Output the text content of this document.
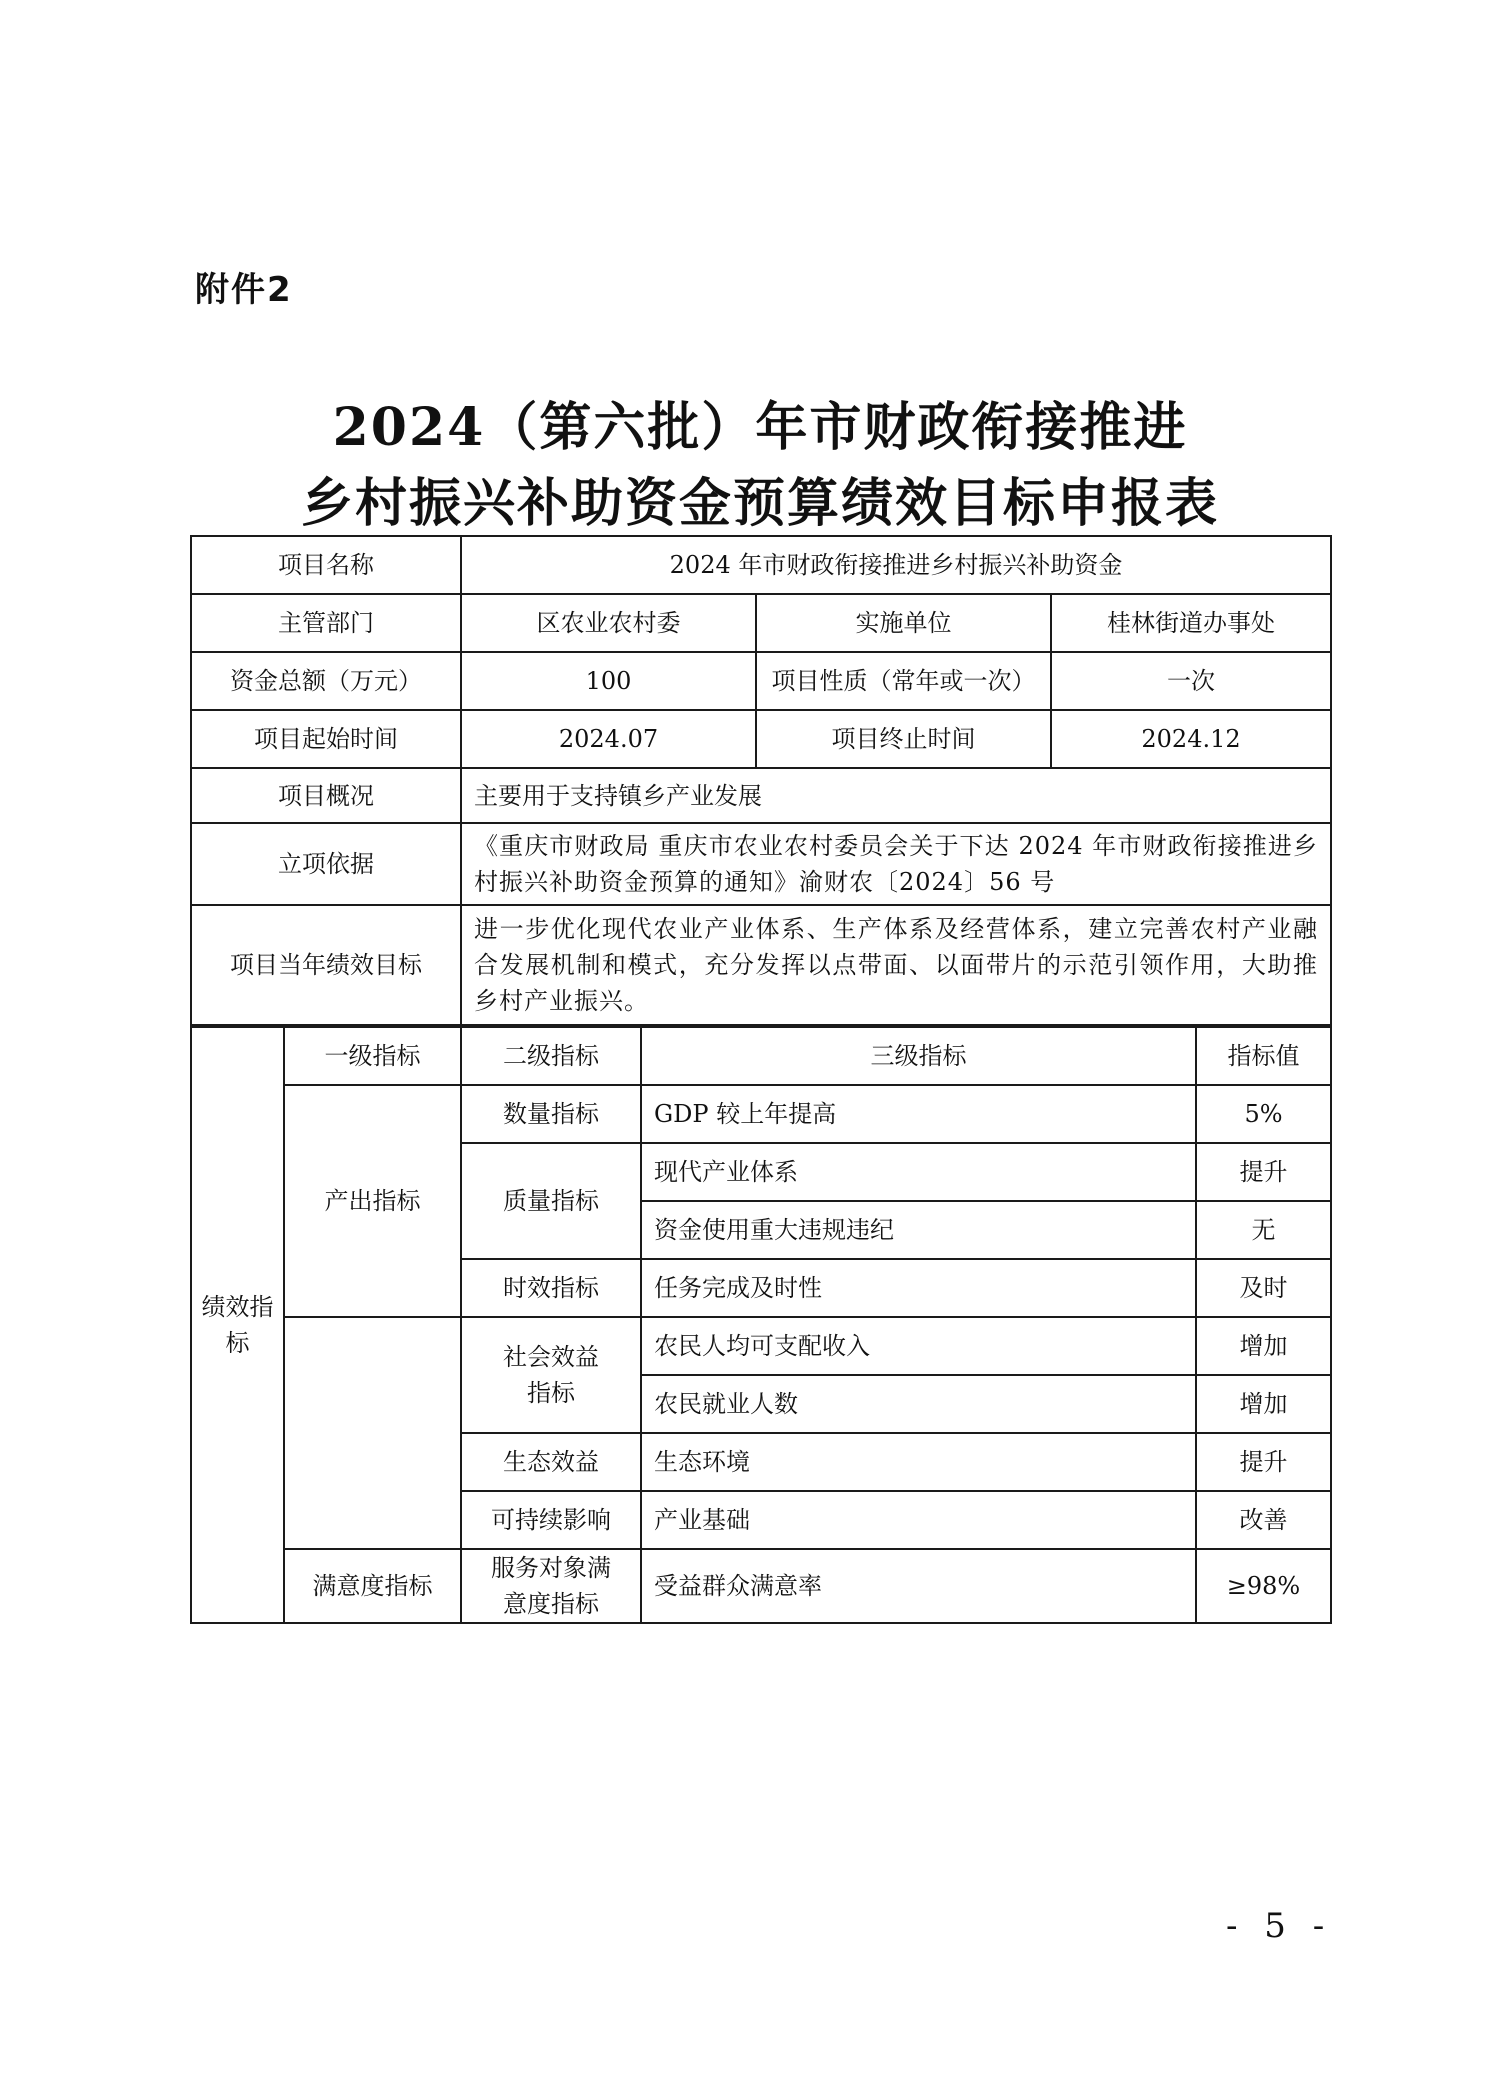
附件2
2024（第六批）年市财政衔接推进
乡村振兴补助资金预算绩效目标申报表
项目名称	2024 年市财政衔接推进乡村振兴补助资金		
主管部门	区农业农村委	实施单位	桂林街道办事处
资金总额（万元）	100	项目性质（常年或一次）	一次
项目起始时间	2024.07	项目终止时间	2024.12
项目概况	主要用于支持镇乡产业发展		
立项依据	《重庆市财政局 重庆市农业农村委员会关于下达 2024 年市财政衔接推进乡村振兴补助资金预算的通知》渝财农〔2024〕56 号		
项目当年绩效目标	进一步优化现代农业产业体系、生产体系及经营体系，建立完善农村产业融合发展机制和模式，充分发挥以点带面、以面带片的示范引领作用，大助推乡村产业振兴。		
绩效指标	一级指标	二级指标	三级指标	指标值
	产出指标	数量指标	GDP 较上年提高	5%
		质量指标	现代产业体系	提升
			资金使用重大违规违纪	无
		时效指标	任务完成及时性	及时
		社会效益指标	农民人均可支配收入	增加
			农民就业人数	增加
		生态效益	生态环境	提升
		可持续影响	产业基础	改善
	满意度指标	服务对象满意度指标	受益群众满意率	≥98%
- 5 -
